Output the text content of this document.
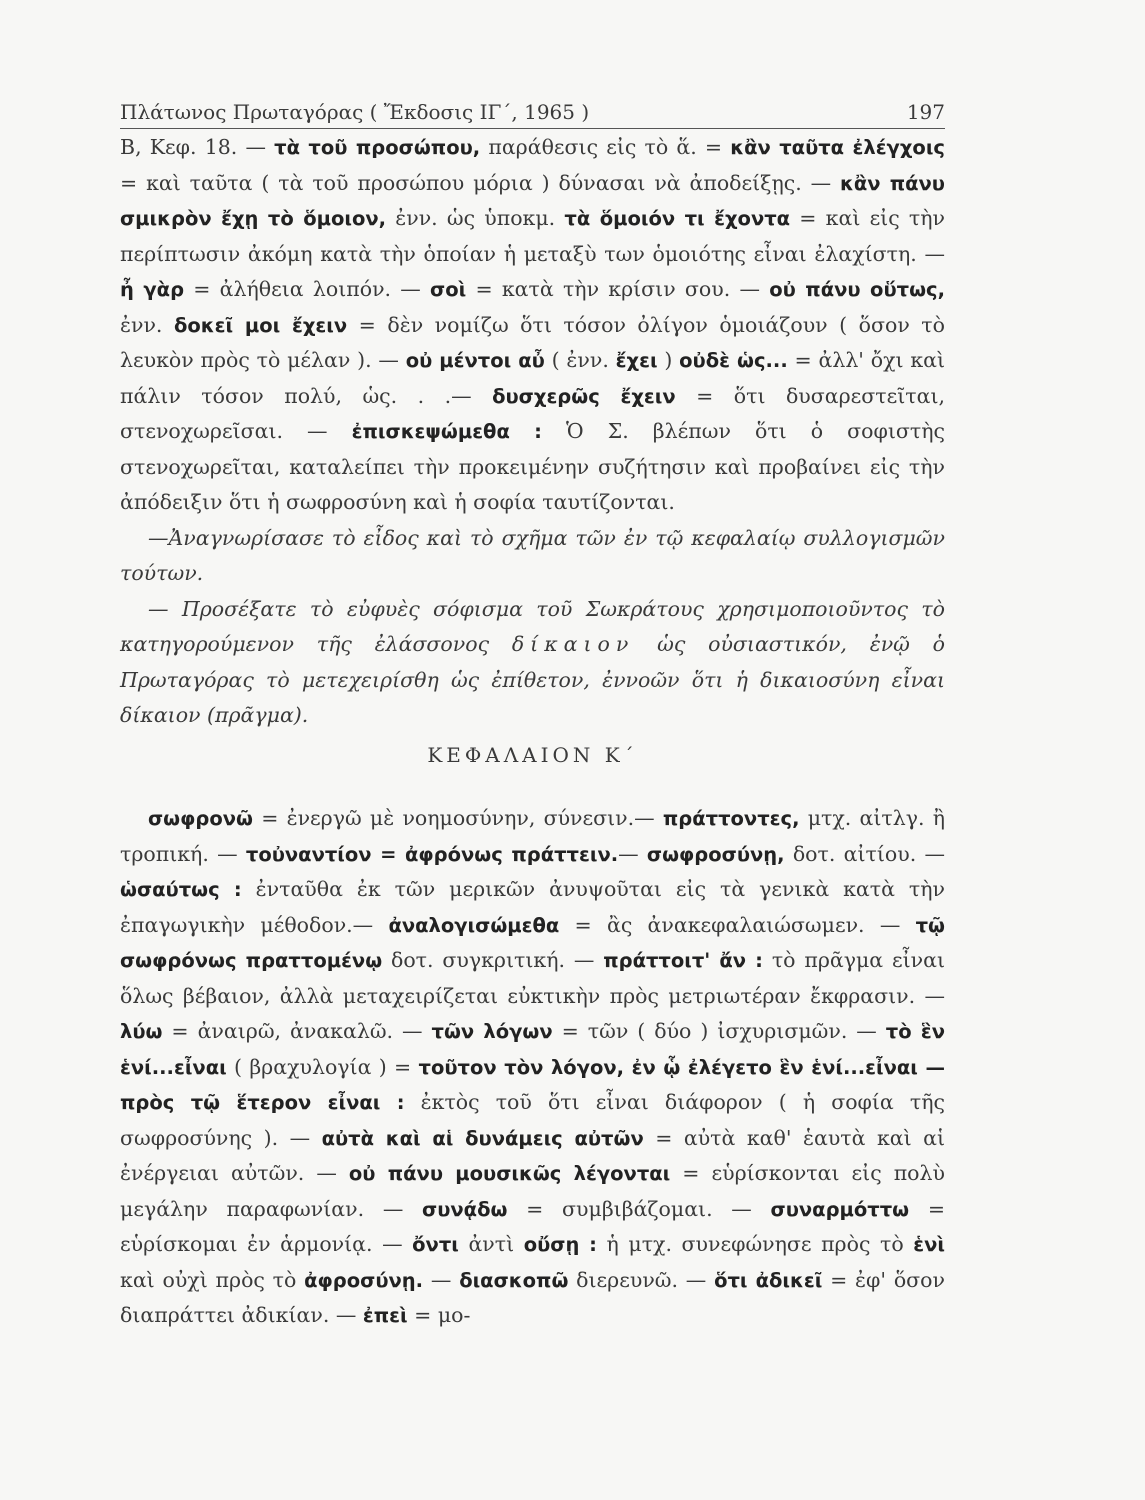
Πλάτωνος Πρωταγόρας ( Ἔκδοσις ΙΓ΄, 1965 )	197

Β, Κεφ. 18. — τὰ τοῦ προσώπου, παράθεσις εἰς τὸ ἅ. = κἂν ταῦτα ἐλέγχοις = καὶ ταῦτα ( τὰ τοῦ προσώπου μόρια ) δύνασαι νὰ ἀποδείξῃς. — κἂν πάνυ σμικρὸν ἔχῃ τὸ ὅμοιον, ἐνν. ὡς ὑποκμ. τὰ ὅμοιόν τι ἔχοντα = καὶ εἰς τὴν περίπτωσιν ἀκόμη κατὰ τὴν ὁποίαν ἡ μεταξὺ των ὁμοιότης εἶναι ἐλαχίστη. — ἦ γὰρ = ἀλήθεια λοιπόν. — σοὶ = κατὰ τὴν κρίσιν σου. — οὐ πάνυ οὕτως, ἐνν. δοκεῖ μοι ἔχειν = δὲν νομίζω ὅτι τόσον ὀλίγον ὁμοιάζουν ( ὅσον τὸ λευκὸν πρὸς τὸ μέλαν ). — οὐ μέντοι αὖ ( ἐνν. ἔχει ) οὐδὲ ὡς... = ἀλλ' ὄχι καὶ πάλιν τόσον πολύ, ὡς. . .— δυσχερῶς ἔχειν = ὅτι δυσαρεστεῖται, στενοχωρεῖσαι. — ἐπισκεψώμεθα : Ὁ Σ. βλέπων ὅτι ὁ σοφιστὴς στενοχωρεῖται, καταλείπει τὴν προκειμένην συζήτησιν καὶ προβαίνει εἰς τὴν ἀπόδειξιν ὅτι ἡ σωφροσύνη καὶ ἡ σοφία ταυτίζονται.

—Ἀναγνωρίσασε τὸ εἶδος καὶ τὸ σχῆμα τῶν ἐν τῷ κεφαλαίῳ συλλογισμῶν τούτων.

— Προσέξατε τὸ εὐφυὲς σόφισμα τοῦ Σωκράτους χρησιμοποιοῦντος τὸ κατηγορούμενον τῆς ἐλάσσονος δίκαιον ὡς οὐσιαστικόν, ἐνῷ ὁ Πρωταγόρας τὸ μετεχειρίσθη ὡς ἐπίθετον, ἐννοῶν ὅτι ἡ δικαιοσύνη εἶναι δίκαιον (πρᾶγμα).

ΚΕΦΑΛΑΙΟΝ Κ΄

σωφρονῶ = ἐνεργῶ μὲ νοημοσύνην, σύνεσιν.— πράττοντες, μτχ. αἰτλγ. ἢ τροπική. — τοὐναντίον = ἀφρόνως πράττειν.— σωφροσύνῃ, δοτ. αἰτίου. — ὡσαύτως : ἐνταῦθα ἐκ τῶν μερικῶν ἀνυψοῦται εἰς τὰ γενικὰ κατὰ τὴν ἐπαγωγικὴν μέθοδον.— ἀναλογισώμεθα = ἂς ἀνακεφαλαιώσωμεν. — τῷ σωφρόνως πραττομένῳ δοτ. συγκριτική. — πράττοιτ' ἄν : τὸ πρᾶγμα εἶναι ὅλως βέβαιον, ἀλλὰ μεταχειρίζεται εὐκτικὴν πρὸς μετριωτέραν ἔκφρασιν. — λύω = ἀναιρῶ, ἀνακαλῶ. — τῶν λόγων = τῶν ( δύο ) ἰσχυρισμῶν. — τὸ ἓν ἑνί...εἶναι ( βραχυλογία ) = τοῦτον τὸν λόγον, ἐν ᾧ ἐλέγετο ἓν ἑνί...εἶναι — πρὸς τῷ ἕτερον εἶναι : ἐκτὸς τοῦ ὅτι εἶναι διάφορον ( ἡ σοφία τῆς σωφροσύνης ). — αὐτὰ καὶ αἱ δυνάμεις αὐτῶν = αὐτὰ καθ' ἑαυτὰ καὶ αἱ ἐνέργειαι αὐτῶν. — οὐ πάνυ μουσικῶς λέγονται = εὑρίσκονται εἰς πολὺ μεγάλην παραφωνίαν. — συνᾴδω = συμβιβάζομαι. — συναρμόττω = εὑρίσκομαι ἐν ἁρμονίᾳ. — ὄντι ἀντὶ οὔσῃ : ἡ μτχ. συνεφώνησε πρὸς τὸ ἑνὶ καὶ οὐχὶ πρὸς τὸ ἀφροσύνῃ. — διασκοπῶ διερευνῶ. — ὅτι ἀδικεῖ = ἐφ' ὅσον διαπράττει ἀδικίαν. — ἐπεὶ = μο-
